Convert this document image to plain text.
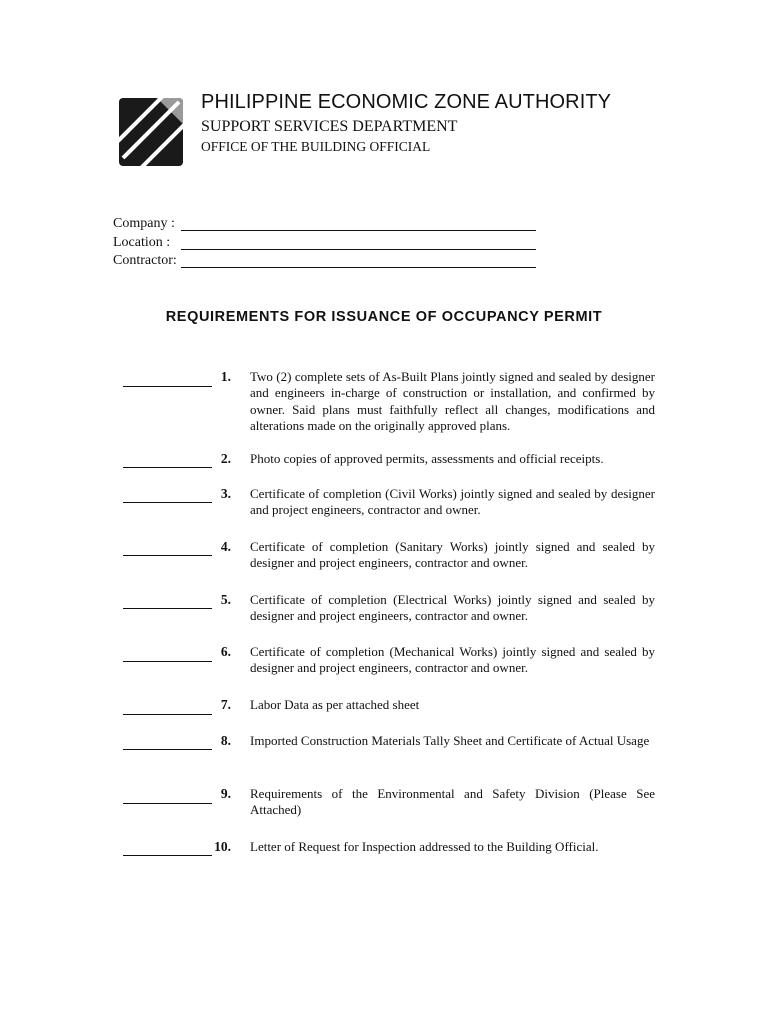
PHILIPPINE ECONOMIC ZONE AUTHORITY
SUPPORT SERVICES DEPARTMENT
OFFICE OF THE BUILDING OFFICIAL
Company :
Location :
Contractor:
REQUIREMENTS FOR ISSUANCE OF OCCUPANCY PERMIT
1. Two (2) complete sets of As-Built Plans jointly signed and sealed by designer and engineers in-charge of construction or installation, and confirmed by owner. Said plans must faithfully reflect all changes, modifications and alterations made on the originally approved plans.
2. Photo copies of approved permits, assessments and official receipts.
3. Certificate of completion (Civil Works) jointly signed and sealed by designer and project engineers, contractor and owner.
4. Certificate of completion (Sanitary Works) jointly signed and sealed by designer and project engineers, contractor and owner.
5. Certificate of completion (Electrical Works) jointly signed and sealed by designer and project engineers, contractor and owner.
6. Certificate of completion (Mechanical Works) jointly signed and sealed by designer and project engineers, contractor and owner.
7. Labor Data as per attached sheet
8. Imported Construction Materials Tally Sheet and Certificate of Actual Usage
9. Requirements of the Environmental and Safety Division (Please See Attached)
10. Letter of Request for Inspection addressed to the Building Official.
